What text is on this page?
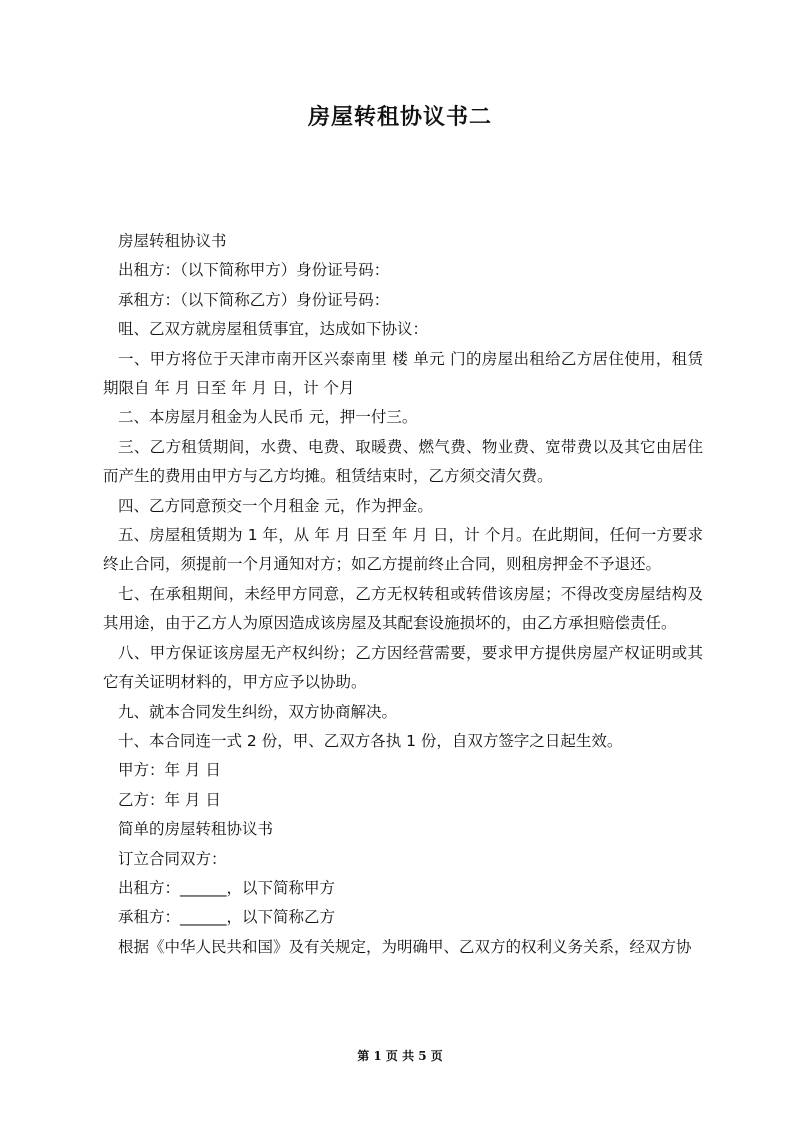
房屋转租协议书二

房屋转租协议书

出租方：（以下简称甲方）身份证号码：

承租方：（以下简称乙方）身份证号码：

咀、乙双方就房屋租赁事宜，达成如下协议：

一、甲方将位于天津市南开区兴泰南里 楼 单元 门的房屋出租给乙方居住使用，租赁期限自 年 月 日至 年 月 日，计 个月

二、本房屋月租金为人民币 元，押一付三。

三、乙方租赁期间，水费、电费、取暖费、燃气费、物业费、宽带费以及其它由居住而产生的费用由甲方与乙方均摊。租赁结束时，乙方须交清欠费。

四、乙方同意预交一个月租金 元，作为押金。

五、房屋租赁期为 1 年，从 年 月 日至 年 月 日，计 个月。在此期间，任何一方要求终止合同，须提前一个月通知对方；如乙方提前终止合同，则租房押金不予退还。

七、在承租期间，未经甲方同意，乙方无权转租或转借该房屋；不得改变房屋结构及其用途，由于乙方人为原因造成该房屋及其配套设施损坏的，由乙方承担赔偿责任。

八、甲方保证该房屋无产权纠纷；乙方因经营需要，要求甲方提供房屋产权证明或其它有关证明材料的，甲方应予以协助。

九、就本合同发生纠纷，双方协商解决。

十、本合同连一式 2 份，甲、乙双方各执 1 份，自双方签字之日起生效。

甲方：年 月 日

乙方：年 月 日

简单的房屋转租协议书

订立合同双方：

出租方：______，以下简称甲方

承租方：______，以下简称乙方

根据《中华人民共和国》及有关规定，为明确甲、乙双方的权利义务关系，经双方协

第 1 页 共 5 页
